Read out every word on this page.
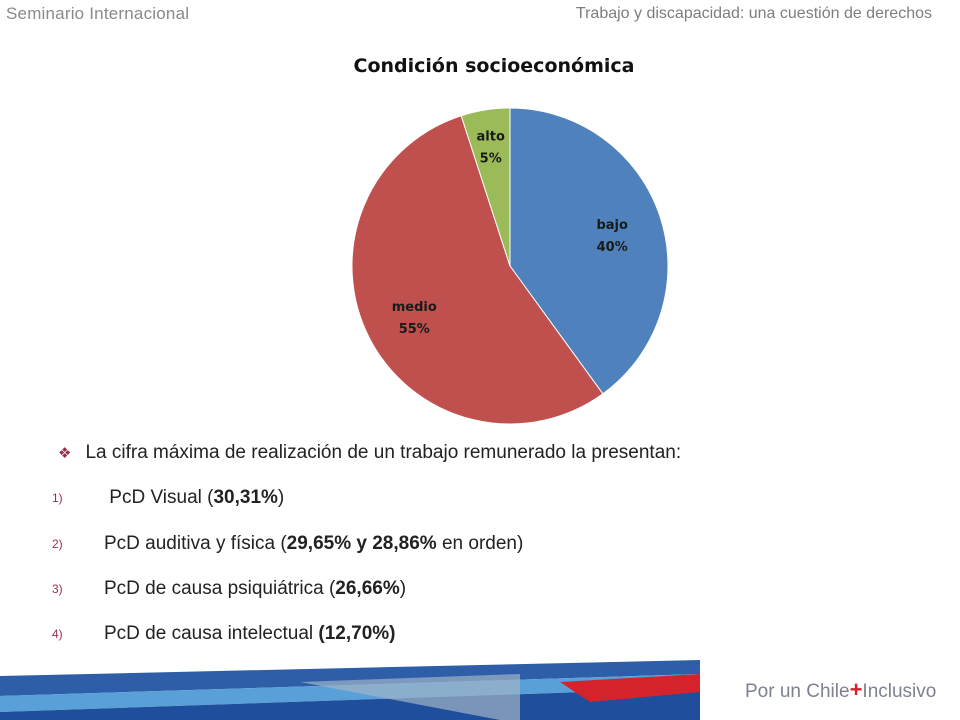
Seminario Internacional	Trabajo y discapacidad: una cuestión de derechos
Condición socioeconómica
bajo
40%
medio
55%
alto
5%
❖ La cifra máxima de realización de un trabajo remunerado la presentan:
1) PcD Visual (30,31%)
2) PcD auditiva y física (29,65% y 28,86% en orden)
3) PcD de causa psiquiátrica (26,66%)
4) PcD de causa intelectual (12,70%)
Por un Chile+Inclusivo
